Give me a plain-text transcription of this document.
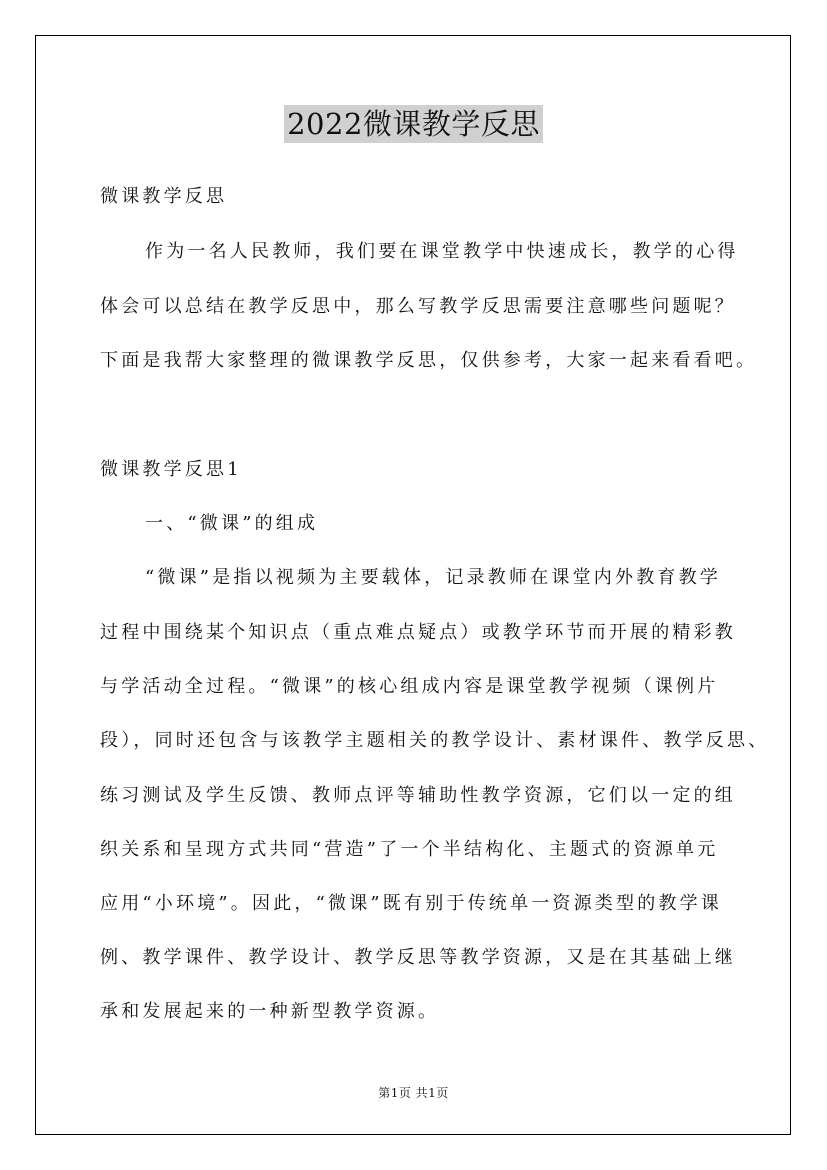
2022微课教学反思
微课教学反思
作为一名人民教师，我们要在课堂教学中快速成长，教学的心得
体会可以总结在教学反思中，那么写教学反思需要注意哪些问题呢？
下面是我帮大家整理的微课教学反思，仅供参考，大家一起来看看吧。
微课教学反思1
一、“微课”的组成
“微课”是指以视频为主要载体，记录教师在课堂内外教育教学
过程中围绕某个知识点（重点难点疑点）或教学环节而开展的精彩教
与学活动全过程。“微课”的核心组成内容是课堂教学视频（课例片
段），同时还包含与该教学主题相关的教学设计、素材课件、教学反思、
练习测试及学生反馈、教师点评等辅助性教学资源，它们以一定的组
织关系和呈现方式共同“营造”了一个半结构化、主题式的资源单元
应用“小环境”。因此，“微课”既有别于传统单一资源类型的教学课
例、教学课件、教学设计、教学反思等教学资源，又是在其基础上继
承和发展起来的一种新型教学资源。
第1页 共1页
